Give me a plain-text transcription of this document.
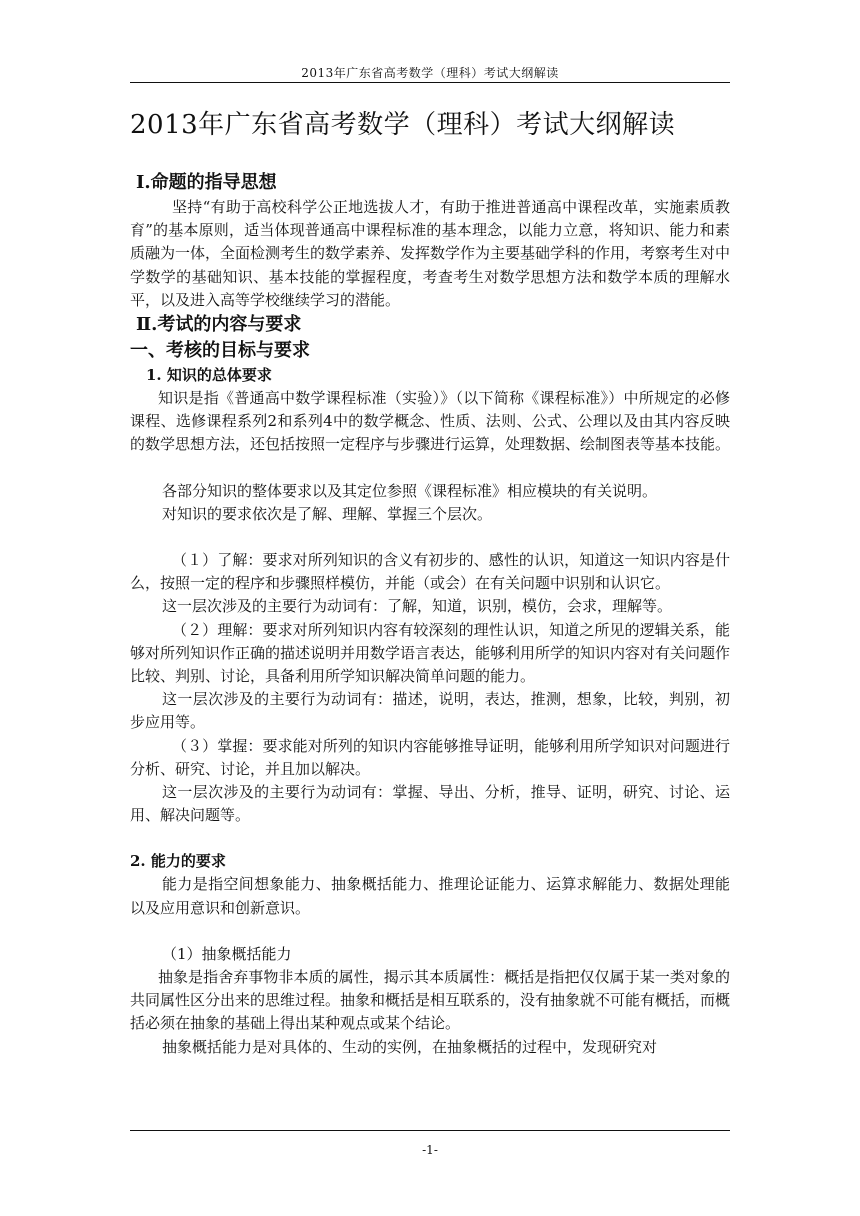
2013年广东省高考数学（理科）考试大纲解读
2013年广东省高考数学（理科）考试大纲解读

Ⅰ.命题的指导思想

坚持“有助于高校科学公正地选拔人才，有助于推进普通高中课程改革，实施素质教育”的基本原则，适当体现普通高中课程标准的基本理念，以能力立意，将知识、能力和素质融为一体，全面检测考生的数学素养、发挥数学作为主要基础学科的作用，考察考生对中学数学的基础知识、基本技能的掌握程度，考查考生对数学思想方法和数学本质的理解水平，以及进入高等学校继续学习的潜能。

Ⅱ.考试的内容与要求

一、考核的目标与要求

1. 知识的总体要求

知识是指《普通高中数学课程标准（实验）》（以下简称《课程标准》）中所规定的必修课程、选修课程系列2和系列4中的数学概念、性质、法则、公式、公理以及由其内容反映的数学思想方法，还包括按照一定程序与步骤进行运算，处理数据、绘制图表等基本技能。

各部分知识的整体要求以及其定位参照《课程标准》相应模块的有关说明。

对知识的要求依次是了解、理解、掌握三个层次。

（１）了解：要求对所列知识的含义有初步的、感性的认识，知道这一知识内容是什么，按照一定的程序和步骤照样模仿，并能（或会）在有关问题中识别和认识它。

这一层次涉及的主要行为动词有：了解，知道，识别，模仿，会求，理解等。

（２）理解：要求对所列知识内容有较深刻的理性认识，知道之所见的逻辑关系，能够对所列知识作正确的描述说明并用数学语言表达，能够利用所学的知识内容对有关问题作比较、判别、讨论，具备利用所学知识解决简单问题的能力。

这一层次涉及的主要行为动词有：描述，说明，表达，推测，想象，比较，判别，初步应用等。

（３）掌握：要求能对所列的知识内容能够推导证明，能够利用所学知识对问题进行分析、研究、讨论，并且加以解决。

这一层次涉及的主要行为动词有：掌握、导出、分析，推导、证明，研究、讨论、运用、解决问题等。

2. 能力的要求

能力是指空间想象能力、抽象概括能力、推理论证能力、运算求解能力、数据处理能以及应用意识和创新意识。

（1）抽象概括能力

抽象是指舍弃事物非本质的属性，揭示其本质属性：概括是指把仅仅属于某一类对象的共同属性区分出来的思维过程。抽象和概括是相互联系的，没有抽象就不可能有概括，而概括必须在抽象的基础上得出某种观点或某个结论。

抽象概括能力是对具体的、生动的实例，在抽象概括的过程中，发现研究对

-1-
